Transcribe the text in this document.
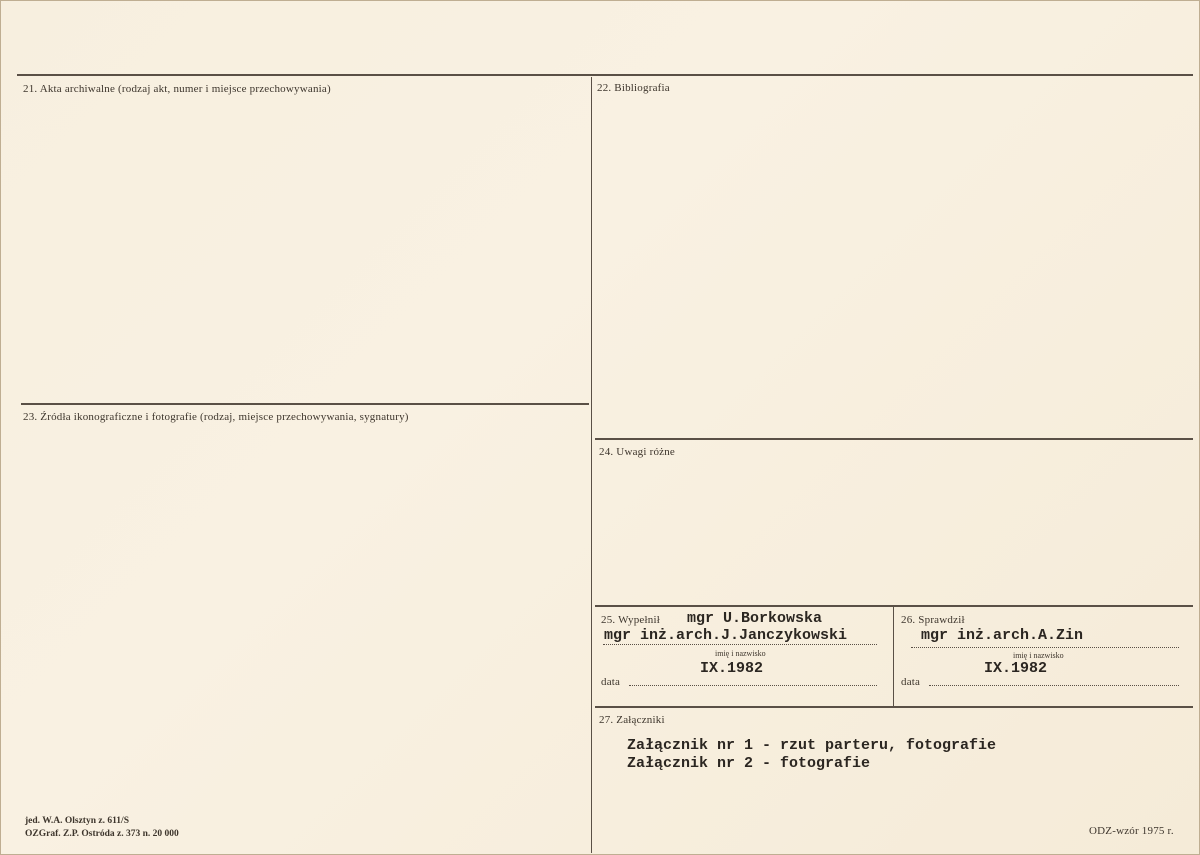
21. Akta archiwalne (rodzaj akt, numer i miejsce przechowywania)	22. Bibliografia
23. Źródła ikonograficzne i fotografie (rodzaj, miejsce przechowywania, sygnatury)
24. Uwagi różne
25. Wypełnił mgr U.Borkowska
mgr inż.arch.J.Janczykowski
imię i nazwisko
IX.1982
data
26. Sprawdził
mgr inż.arch.A.Zin
imię i nazwisko
IX.1982
data
27. Załączniki
Załącznik nr 1 - rzut parteru, fotografie
Załącznik nr 2 - fotografie
jed. W.A. Olsztyn z. 611/S
OZGraf. Z.P. Ostróda z. 373 n. 20 000	ODZ-wzór 1975 r.
